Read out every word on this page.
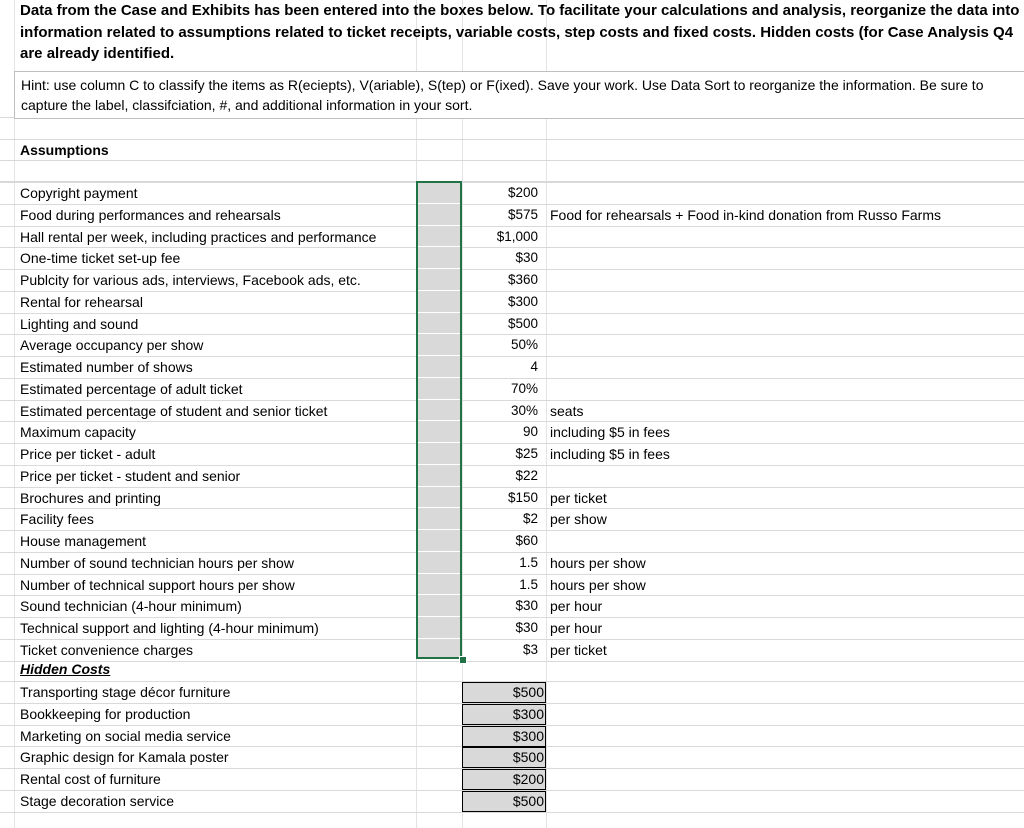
Data from the Case and Exhibits has been entered into the boxes below. To facilitate your calculations and analysis, reorganize the data into information related to assumptions related to ticket receipts, variable costs, step costs and fixed costs. Hidden costs (for Case Analysis Q4 are already identified.
Hint: use column C to classify the items as R(eciepts), V(ariable), S(tep) or F(ixed). Save your work. Use Data Sort to reorganize the information. Be sure to capture the label, classifciation, #, and additional information in your sort.
Assumptions
Copyright payment	$200
Food during performances and rehearsals	$575 Food for rehearsals + Food in-kind donation from Russo Farms
Hall rental per week, including practices and performance	$1,000
One-time ticket set-up fee	$30
Publcity for various ads, interviews, Facebook ads, etc.	$360
Rental for rehearsal	$300
Lighting and sound	$500
Average occupancy per show	50%
Estimated number of shows	4
Estimated percentage of adult ticket	70%
Estimated percentage of student and senior ticket	30% seats
Maximum capacity	90 including $5 in fees
Price per ticket - adult	$25 including $5 in fees
Price per ticket - student and senior	$22
Brochures and printing	$150 per ticket
Facility fees	$2 per show
House management	$60
Number of sound technician hours per show	1.5 hours per show
Number of technical support hours per show	1.5 hours per show
Sound technician (4-hour minimum)	$30 per hour
Technical support and lighting (4-hour minimum)	$30 per hour
Ticket convenience charges	$3 per ticket
Hidden Costs
Transporting stage décor furniture	$500
Bookkeeping for production	$300
Marketing on social media service	$300
Graphic design for Kamala poster	$500
Rental cost of furniture	$200
Stage decoration service	$500
